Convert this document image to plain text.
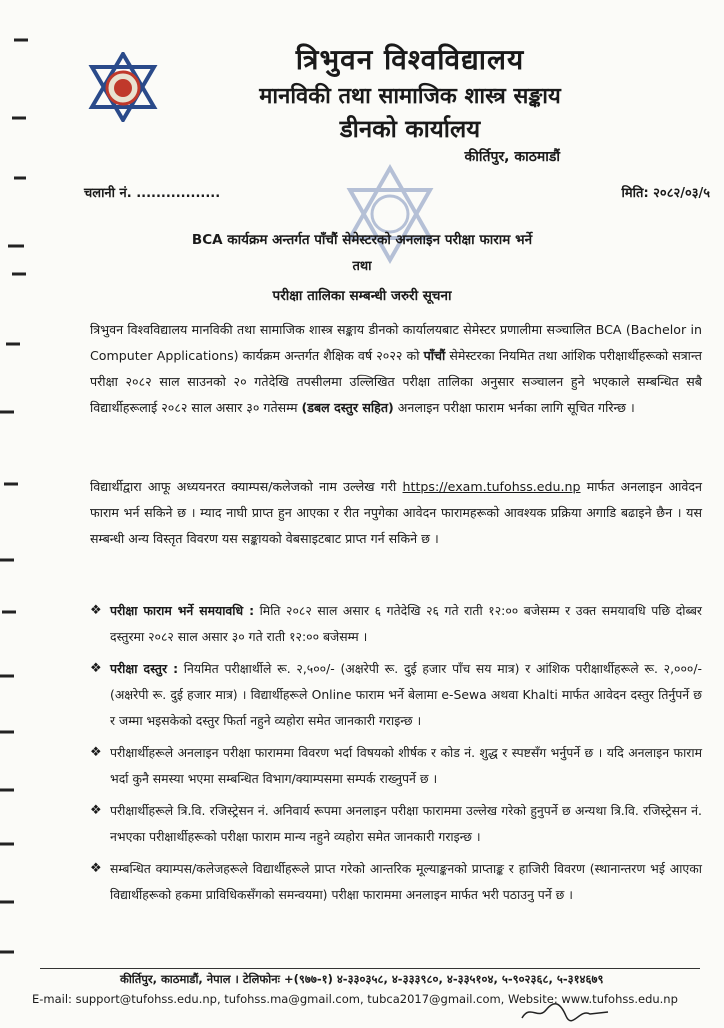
त्रिभुवन विश्वविद्यालय
मानविकी तथा सामाजिक शास्त्र सङ्काय
डीनको कार्यालय
कीर्तिपुर, काठमाडौं
चलानी नं. .................	मिति: २०८२/०३/५
BCA कार्यक्रम अन्तर्गत पाँचौं सेमेस्टरको अनलाइन परीक्षा फाराम भर्ने
तथा
परीक्षा तालिका सम्बन्धी जरुरी सूचना
त्रिभुवन विश्वविद्यालय मानविकी तथा सामाजिक शास्त्र सङ्काय डीनको कार्यालयबाट सेमेस्टर प्रणालीमा सञ्चालित BCA (Bachelor in Computer Applications) कार्यक्रम अन्तर्गत शैक्षिक वर्ष २०२२ को पाँचौं सेमेस्टरका नियमित तथा आंशिक परीक्षार्थीहरूको सत्रान्त परीक्षा २०८२ साल साउनको २० गतेदेखि तपसीलमा उल्लिखित परीक्षा तालिका अनुसार सञ्चालन हुने भएकाले सम्बन्धित सबै विद्यार्थीहरूलाई २०८२ साल असार ३० गतेसम्म (डबल दस्तुर सहित) अनलाइन परीक्षा फाराम भर्नका लागि सूचित गरिन्छ ।
विद्यार्थीद्वारा आफू अध्ययनरत क्याम्पस/कलेजको नाम उल्लेख गरी https://exam.tufohss.edu.np मार्फत अनलाइन आवेदन फाराम भर्न सकिने छ । म्याद नाघी प्राप्त हुन आएका र रीत नपुगेका आवेदन फारामहरूको आवश्यक प्रक्रिया अगाडि बढाइने छैन । यस सम्बन्धी अन्य विस्तृत विवरण यस सङ्कायको वेबसाइटबाट प्राप्त गर्न सकिने छ ।
❖ परीक्षा फाराम भर्ने समयावधि : मिति २०८२ साल असार ६ गतेदेखि २६ गते राती १२:०० बजेसम्म र उक्त समयावधि पछि दोब्बर दस्तुरमा २०८२ साल असार ३० गते राती १२:०० बजेसम्म ।
❖ परीक्षा दस्तुर : नियमित परीक्षार्थीले रू. २,५००/- (अक्षरेपी रू. दुई हजार पाँच सय मात्र) र आंशिक परीक्षार्थीहरूले रू. २,०००/- (अक्षरेपी रू. दुई हजार मात्र) । विद्यार्थीहरूले Online फाराम भर्ने बेलामा e-Sewa अथवा Khalti मार्फत आवेदन दस्तुर तिर्नुपर्ने छ र जम्मा भइसकेको दस्तुर फिर्ता नहुने व्यहोरा समेत जानकारी गराइन्छ ।
❖ परीक्षार्थीहरूले अनलाइन परीक्षा फाराममा विवरण भर्दा विषयको शीर्षक र कोड नं. शुद्ध र स्पष्टसँग भर्नुपर्ने छ । यदि अनलाइन फाराम भर्दा कुनै समस्या भएमा सम्बन्धित विभाग/क्याम्पसमा सम्पर्क राख्नुपर्ने छ ।
❖ परीक्षार्थीहरूले त्रि.वि. रजिस्ट्रेसन नं. अनिवार्य रूपमा अनलाइन परीक्षा फाराममा उल्लेख गरेको हुनुपर्ने छ अन्यथा त्रि.वि. रजिस्ट्रेसन नं. नभएका परीक्षार्थीहरूको परीक्षा फाराम मान्य नहुने व्यहोरा समेत जानकारी गराइन्छ ।
❖ सम्बन्धित क्याम्पस/कलेजहरूले विद्यार्थीहरूले प्राप्त गरेको आन्तरिक मूल्याङ्कनको प्राप्ताङ्क र हाजिरी विवरण (स्थानान्तरण भई आएका विद्यार्थीहरूको हकमा प्राविधिकसँगको समन्वयमा) परीक्षा फाराममा अनलाइन मार्फत भरी पठाउनु पर्ने छ ।
कीर्तिपुर, काठमाडौं, नेपाल । टेलिफोनः +(९७७-१) ४-३३०३५८, ४-३३३९८०, ४-३३५१०४, ५-९०२३६८, ५-३१४६७९
E-mail: support@tufohss.edu.np, tufohss.ma@gmail.com, tubca2017@gmail.com, Website: www.tufohss.edu.np
